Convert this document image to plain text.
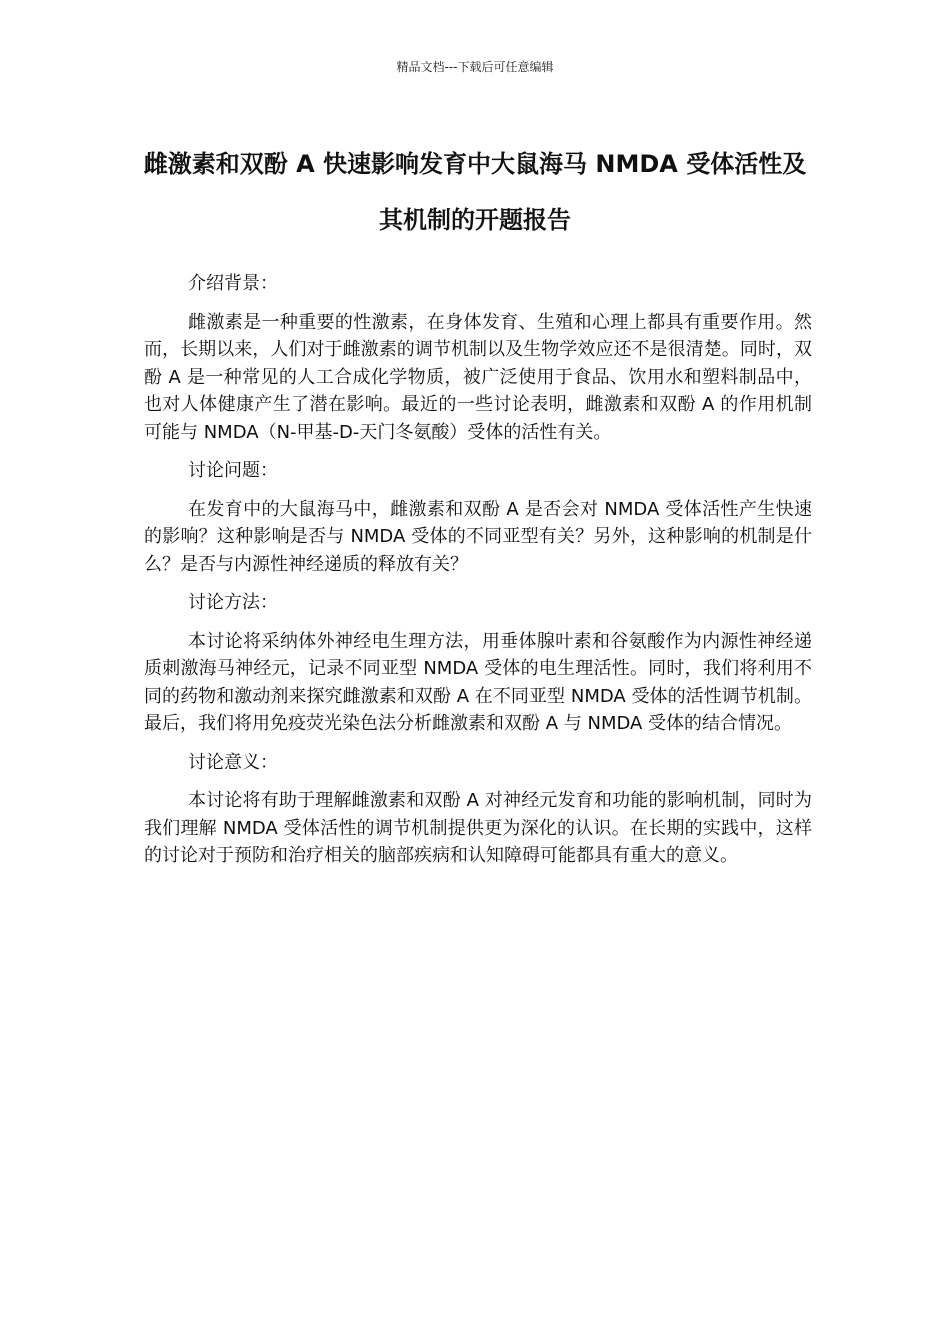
精品文档---下载后可任意编辑
雌激素和双酚 A 快速影响发育中大鼠海马 NMDA 受体活性及其机制的开题报告

介绍背景：

雌激素是一种重要的性激素，在身体发育、生殖和心理上都具有重要作用。然而，长期以来，人们对于雌激素的调节机制以及生物学效应还不是很清楚。同时，双酚 A 是一种常见的人工合成化学物质，被广泛使用于食品、饮用水和塑料制品中，也对人体健康产生了潜在影响。最近的一些讨论表明，雌激素和双酚 A 的作用机制可能与 NMDA（N-甲基-D-天门冬氨酸）受体的活性有关。

讨论问题：

在发育中的大鼠海马中，雌激素和双酚 A 是否会对 NMDA 受体活性产生快速的影响？这种影响是否与 NMDA 受体的不同亚型有关？另外，这种影响的机制是什么？是否与内源性神经递质的释放有关？

讨论方法：

本讨论将采纳体外神经电生理方法，用垂体腺叶素和谷氨酸作为内源性神经递质刺激海马神经元，记录不同亚型 NMDA 受体的电生理活性。同时，我们将利用不同的药物和激动剂来探究雌激素和双酚 A 在不同亚型 NMDA 受体的活性调节机制。最后，我们将用免疫荧光染色法分析雌激素和双酚 A 与 NMDA 受体的结合情况。

讨论意义：

本讨论将有助于理解雌激素和双酚 A 对神经元发育和功能的影响机制，同时为我们理解 NMDA 受体活性的调节机制提供更为深化的认识。在长期的实践中，这样的讨论对于预防和治疗相关的脑部疾病和认知障碍可能都具有重大的意义。
